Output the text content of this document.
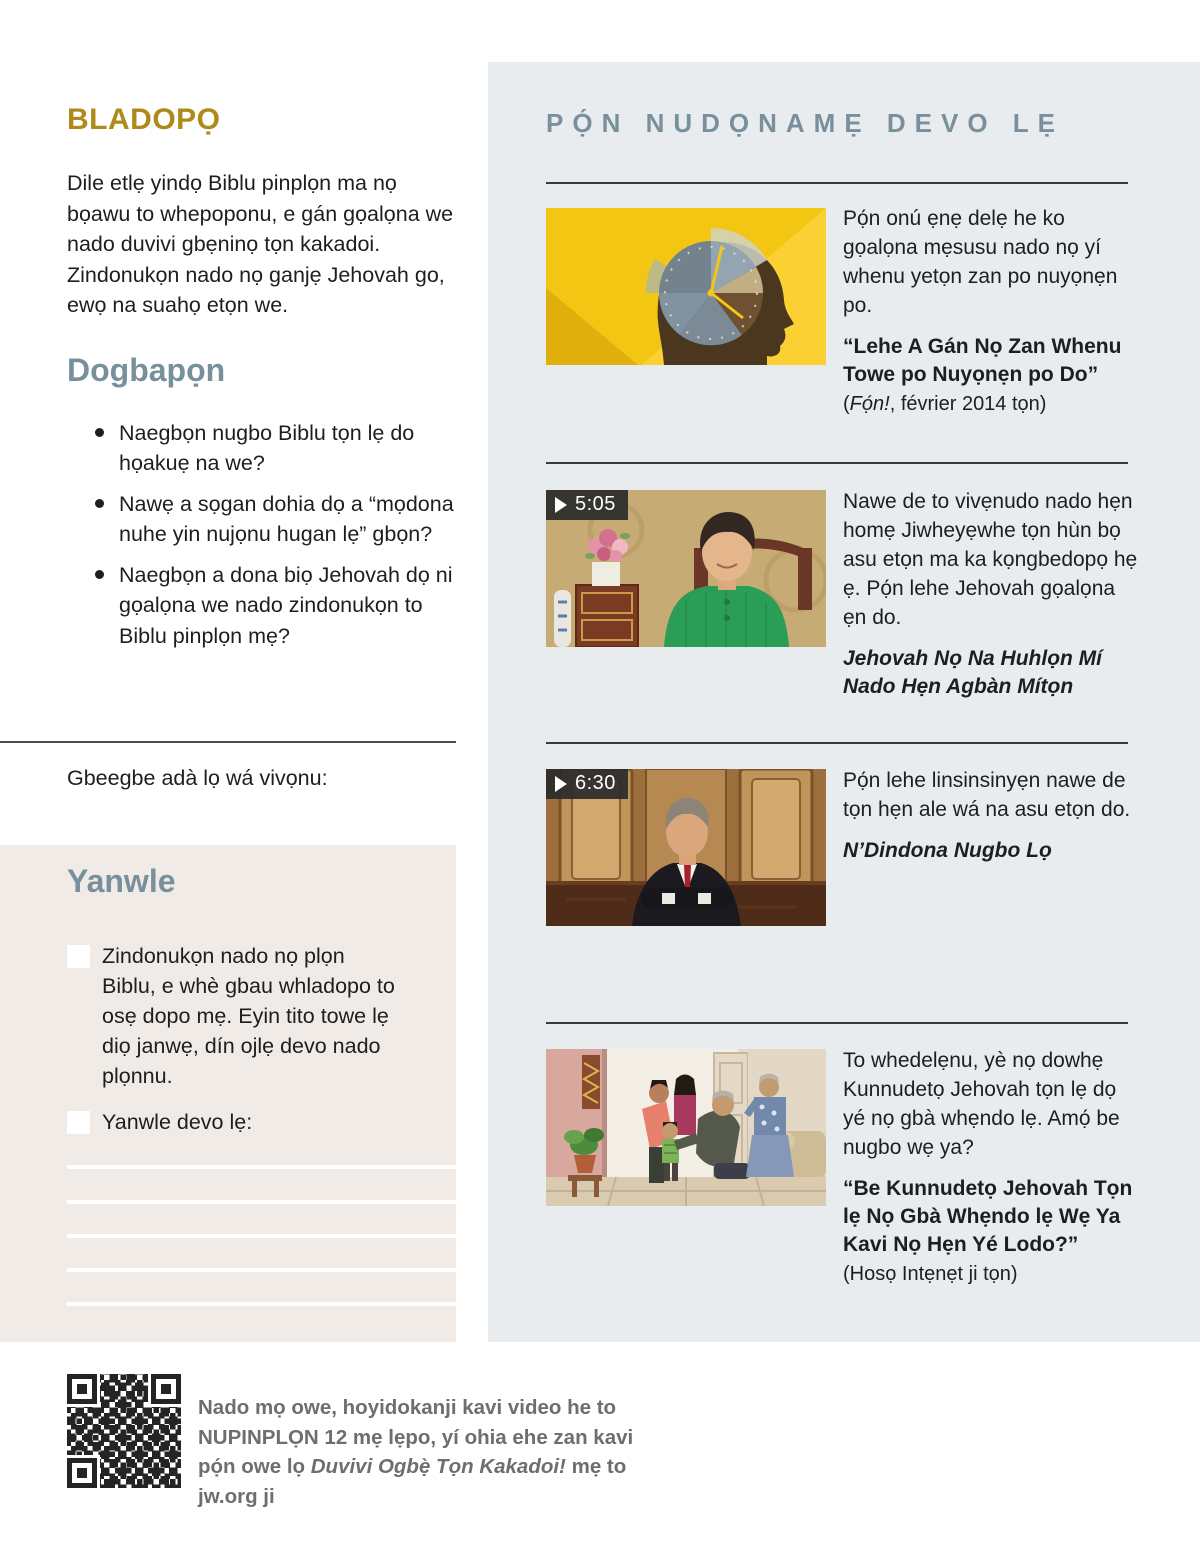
BLADOPỌ

Dile etlẹ yindọ Biblu pinplọn ma nọ bọawu to whepoponu, e gán gọalọna we nado duvivi gbẹninọ tọn kakadoi. Zindonukọn nado nọ ganjẹ Jehovah go, ewọ na suahọ etọn we.

Dogbapọn
Naegbọn nugbo Biblu tọn lẹ do họakuẹ na we?
Nawẹ a sọgan dohia dọ a “mọdona nuhe yin nujọnu hugan lẹ” gbọn?
Naegbọn a dona biọ Jehovah dọ ni gọalọna we nado zindonukọn to Biblu pinplọn mẹ?

Gbeegbe adà lọ wá vivọnu:

Yanwle
Zindonukọn nado nọ plọn Biblu, e whè gbau whladopo to osẹ dopo mẹ. Eyin tito towe lẹ diọ janwẹ, dín ojlẹ devo nado plọnnu.
Yanwle devo lẹ:
PỌ́N NUDỌNAMẸ DEVO LẸ

Pọ́n onú ẹnẹ delẹ he ko gọalọna mẹsusu nado nọ yí whenu yetọn zan po nuyọnẹn po.

“Lehe A Gán Nọ Zan Whenu Towe po Nuyọnẹn po Do”

(Fọ́n!, février 2014 tọn)

5:05	Nawe de to vivẹnudo nado hẹn homẹ Jiwheyẹwhe tọn hùn bọ asu etọn ma ka kọngbedopọ hẹ ẹ. Pọ́n lehe Jehovah gọalọna ẹn do.

Jehovah Nọ Na Huhlọn Mí Nado Hẹn Agbàn Mítọn

6:30	Pọ́n lehe linsinsinyẹn nawe de tọn hẹn ale wá na asu etọn do.

N’Dindona Nugbo Lọ

To whedelẹnu, yè nọ dowhẹ Kunnudetọ Jehovah tọn lẹ dọ yé nọ gbà whẹndo lẹ. Amọ́ be nugbo wẹ ya?

“Be Kunnudetọ Jehovah Tọn lẹ Nọ Gbà Whẹndo lẹ Wẹ Ya Kavi Nọ Hẹn Yé Lodo?”

(Hosọ Intẹnẹt ji tọn)

Nado mọ owe, hoyidokanji kavi video he to NUPINPLỌN 12 mẹ lẹpo, yí ohia ehe zan kavi pọ́n owe lọ Duvivi Ogbẹ̀ Tọn Kakadoi! mẹ to jw.org ji
